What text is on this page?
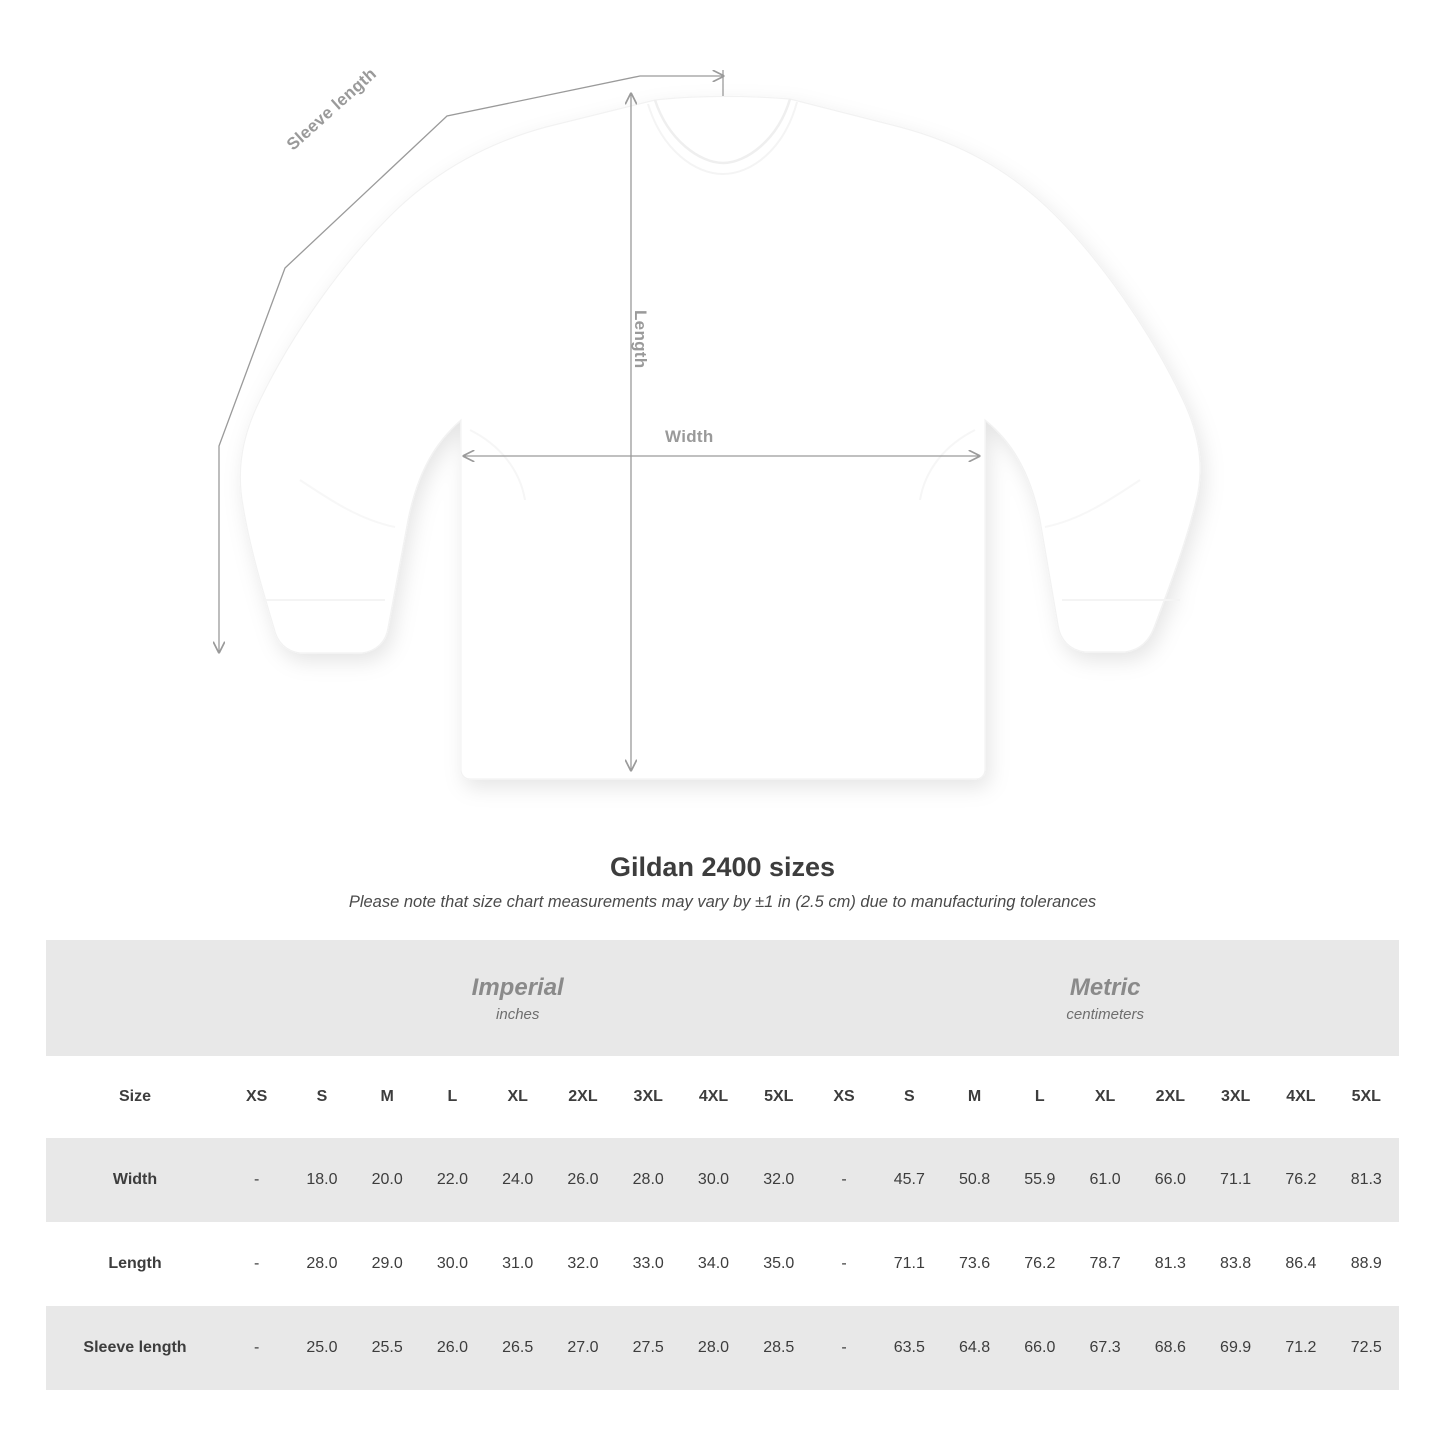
Width
Length
Sleeve length
Gildan 2400 sizes

Please note that size chart measurements may vary by ±1 in (2.5 cm) due to manufacturing tolerances

Imperial
inches

Metric
centimeters

Size	XS	S	M	L	XL	2XL	3XL	4XL	5XL	XS	S	M	L	XL	2XL	3XL	4XL	5XL
Width	-	18.0	20.0	22.0	24.0	26.0	28.0	30.0	32.0	-	45.7	50.8	55.9	61.0	66.0	71.1	76.2	81.3
Length	-	28.0	29.0	30.0	31.0	32.0	33.0	34.0	35.0	-	71.1	73.6	76.2	78.7	81.3	83.8	86.4	88.9
Sleeve length	-	25.0	25.5	26.0	26.5	27.0	27.5	28.0	28.5	-	63.5	64.8	66.0	67.3	68.6	69.9	71.2	72.5
